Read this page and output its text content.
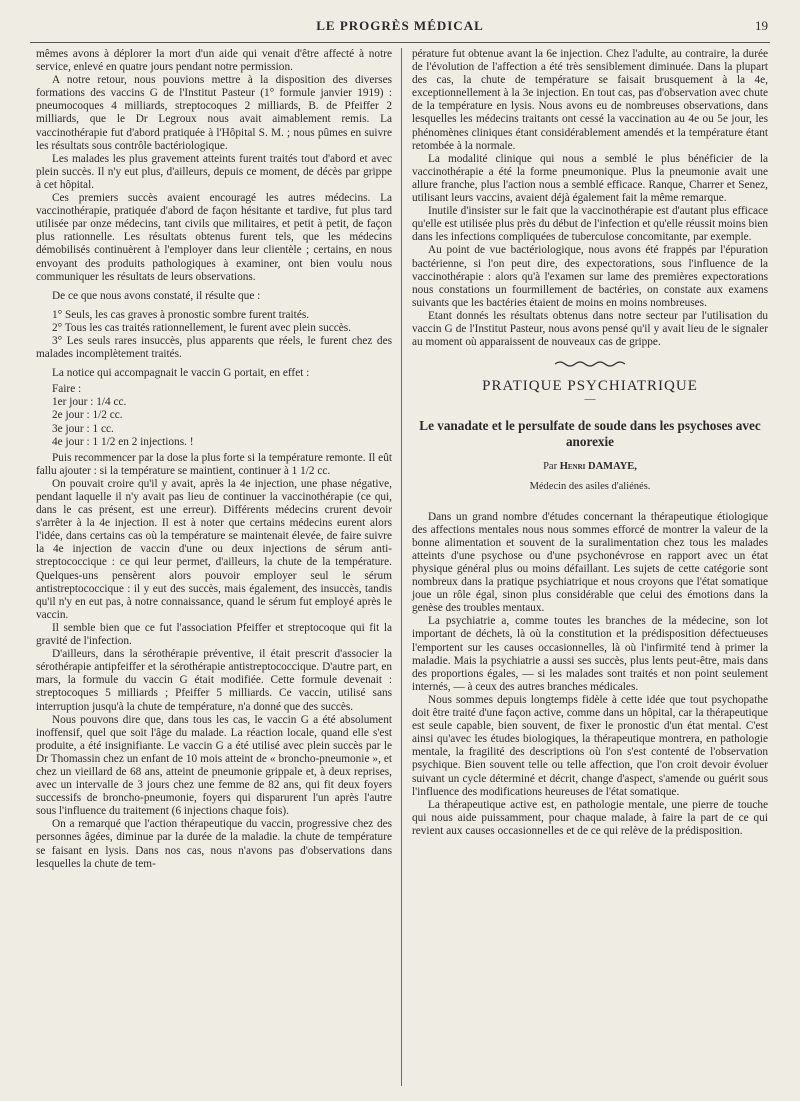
LE PROGRÈS MÉDICAL	19

mêmes avons à déplorer la mort d'un aide qui venait d'être affecté à notre service, enlevé en quatre jours pendant notre permission.

A notre retour, nous pouvions mettre à la disposition des diverses formations des vaccins G de l'Institut Pasteur (1° formule janvier 1919) : pneumocoques 4 milliards, streptocoques 2 milliards, B. de Pfeiffer 2 milliards, que le Dr Legroux nous avait aimablement remis. La vaccinothérapie fut d'abord pratiquée à l'Hôpital S. M. ; nous pûmes en suivre les résultats sous contrôle bactériologique.

Les malades les plus gravement atteints furent traités tout d'abord et avec plein succès. Il n'y eut plus, d'ailleurs, depuis ce moment, de décès par grippe à cet hôpital.

Ces premiers succès avaient encouragé les autres médecins. La vaccinothérapie, pratiquée d'abord de façon hésitante et tardive, fut plus tard utilisée par onze médecins, tant civils que militaires, et petit à petit, de façon plus rationnelle. Les résultats obtenus furent tels, que les médecins démobilisés continuèrent à l'employer dans leur clientèle ; certains, en nous envoyant des produits pathologiques à examiner, ont bien voulu nous communiquer les résultats de leurs observations.

De ce que nous avons constaté, il résulte que :

1° Seuls, les cas graves à pronostic sombre furent traités.

2° Tous les cas traités rationnellement, le furent avec plein succès.

3° Les seuls rares insuccès, plus apparents que réels, le furent chez des malades incomplètement traités.

La notice qui accompagnait le vaccin G portait, en effet :

Faire :
1er jour : 1/4 cc.
2e jour : 1/2 cc.
3e jour : 1 cc.
4e jour : 1 1/2 en 2 injections. !

Puis recommencer par la dose la plus forte si la température remonte. Il eût fallu ajouter : si la température se maintient, continuer à 1 1/2 cc.

On pouvait croire qu'il y avait, après la 4e injection, une phase négative, pendant laquelle il n'y avait pas lieu de continuer la vaccinothérapie (ce qui, dans le cas présent, est une erreur). Différents médecins crurent devoir s'arrêter à la 4e injection. Il est à noter que certains médecins eurent alors l'idée, dans certains cas où la température se maintenait élevée, de faire suivre la 4e injection de vaccin d'une ou deux injections de sérum anti-streptococcique : ce qui leur permet, d'ailleurs, la chute de la température. Quelques-uns pensèrent alors pouvoir employer seul le sérum antistreptococcique : il y eut des succès, mais également, des insuccès, tandis qu'il n'y en eut pas, à notre connaissance, quand le sérum fut employé après le vaccin.

Il semble bien que ce fut l'association Pfeiffer et streptocoque qui fit la gravité de l'infection.

D'ailleurs, dans la sérothérapie préventive, il était prescrit d'associer la sérothérapie antipfeiffer et la sérothérapie antistreptococcique. D'autre part, en mars, la formule du vaccin G était modifiée. Cette formule devenait : streptocoques 5 milliards ; Pfeiffer 5 milliards. Ce vaccin, utilisé sans interruption jusqu'à la chute de température, n'a donné que des succès.

Nous pouvons dire que, dans tous les cas, le vaccin G a été absolument inoffensif, quel que soit l'âge du malade. La réaction locale, quand elle s'est produite, a été insignifiante. Le vaccin G a été utilisé avec plein succès par le Dr Thomassin chez un enfant de 10 mois atteint de « broncho-pneumonie », et chez un vieillard de 68 ans, atteint de pneumonie grippale et, à deux reprises, avec un intervalle de 3 jours chez une femme de 82 ans, qui fit deux foyers successifs de broncho-pneumonie, foyers qui disparurent l'un après l'autre sous l'influence du traitement (6 injections chaque fois).

On a remarqué que l'action thérapeutique du vaccin, progressive chez des personnes âgées, diminue par la durée de la maladie. la chute de température se faisant en lysis. Dans nos cas, nous n'avons pas d'observations dans lesquelles la chute de tem-

pérature fut obtenue avant la 6e injection. Chez l'adulte, au contraire, la durée de l'évolution de l'affection a été très sensiblement diminuée. Dans la plupart des cas, la chute de température se faisait brusquement à la 4e, exceptionnellement à la 3e injection. En tout cas, pas d'observation avec chute de la température en lysis. Nous avons eu de nombreuses observations, dans lesquelles les médecins traitants ont cessé la vaccination au 4e ou 5e jour, les phénomènes cliniques étant considérablement amendés et la température étant retombée à la normale.

La modalité clinique qui nous a semblé le plus bénéficier de la vaccinothérapie a été la forme pneumonique. Plus la pneumonie avait une allure franche, plus l'action nous a semblé efficace. Ranque, Charrer et Senez, utilisant leurs vaccins, avaient déjà également fait la même remarque.

Inutile d'insister sur le fait que la vaccinothérapie est d'autant plus efficace qu'elle est utilisée plus près du début de l'infection et qu'elle réussit moins bien dans les infections compliquées de tuberculose concomitante, par exemple.

Au point de vue bactériologique, nous avons été frappés par l'épuration bactérienne, si l'on peut dire, des expectorations, sous l'influence de la vaccinothérapie : alors qu'à l'examen sur lame des premières expectorations nous constations un fourmillement de bactéries, on constate aux examens suivants que les bactéries étaient de moins en moins nombreuses.

Etant donnés les résultats obtenus dans notre secteur par l'utilisation du vaccin G de l'Institut Pasteur, nous avons pensé qu'il y avait lieu de le signaler au moment où apparaissent de nouveaux cas de grippe.

PRATIQUE PSYCHIATRIQUE
—
Le vanadate et le persulfate de soude dans les psychoses avec anorexie
Par Henri DAMAYE,
Médecin des asiles d'aliénés.

Dans un grand nombre d'études concernant la thérapeutique étiologique des affections mentales nous nous sommes efforcé de montrer la valeur de la bonne alimentation et souvent de la suralimentation chez tous les malades atteints d'une psychose ou d'une psychonévrose en rapport avec un état physique général plus ou moins défaillant. Les sujets de cette catégorie sont nombreux dans la pratique psychiatrique et nous croyons que l'état somatique joue un rôle égal, sinon plus considérable que celui des émotions dans la genèse des troubles mentaux.

La psychiatrie a, comme toutes les branches de la médecine, son lot important de déchets, là où la constitution et la prédisposition défectueuses l'emportent sur les causes occasionnelles, là où l'infirmité tend à primer la maladie. Mais la psychiatrie a aussi ses succès, plus lents peut-être, mais dans des proportions égales, — si les malades sont traités et non point seulement internés, — à ceux des autres branches médicales.

Nous sommes depuis longtemps fidèle à cette idée que tout psychopathe doit être traité d'une façon active, comme dans un hôpital, car la thérapeutique est seule capable, bien souvent, de fixer le pronostic d'un état mental. C'est ainsi qu'avec les études biologiques, la thérapeutique montrera, en pathologie mentale, la fragilité des descriptions où l'on s'est contenté de l'observation psychique. Bien souvent telle ou telle affection, que l'on croit devoir évoluer suivant un cycle déterminé et décrit, change d'aspect, s'amende ou guérit sous l'influence des modifications heureuses de l'état somatique.

La thérapeutique active est, en pathologie mentale, une pierre de touche qui nous aide puissamment, pour chaque malade, à faire la part de ce qui revient aux causes occasionnelles et de ce qui relève de la prédisposition.
